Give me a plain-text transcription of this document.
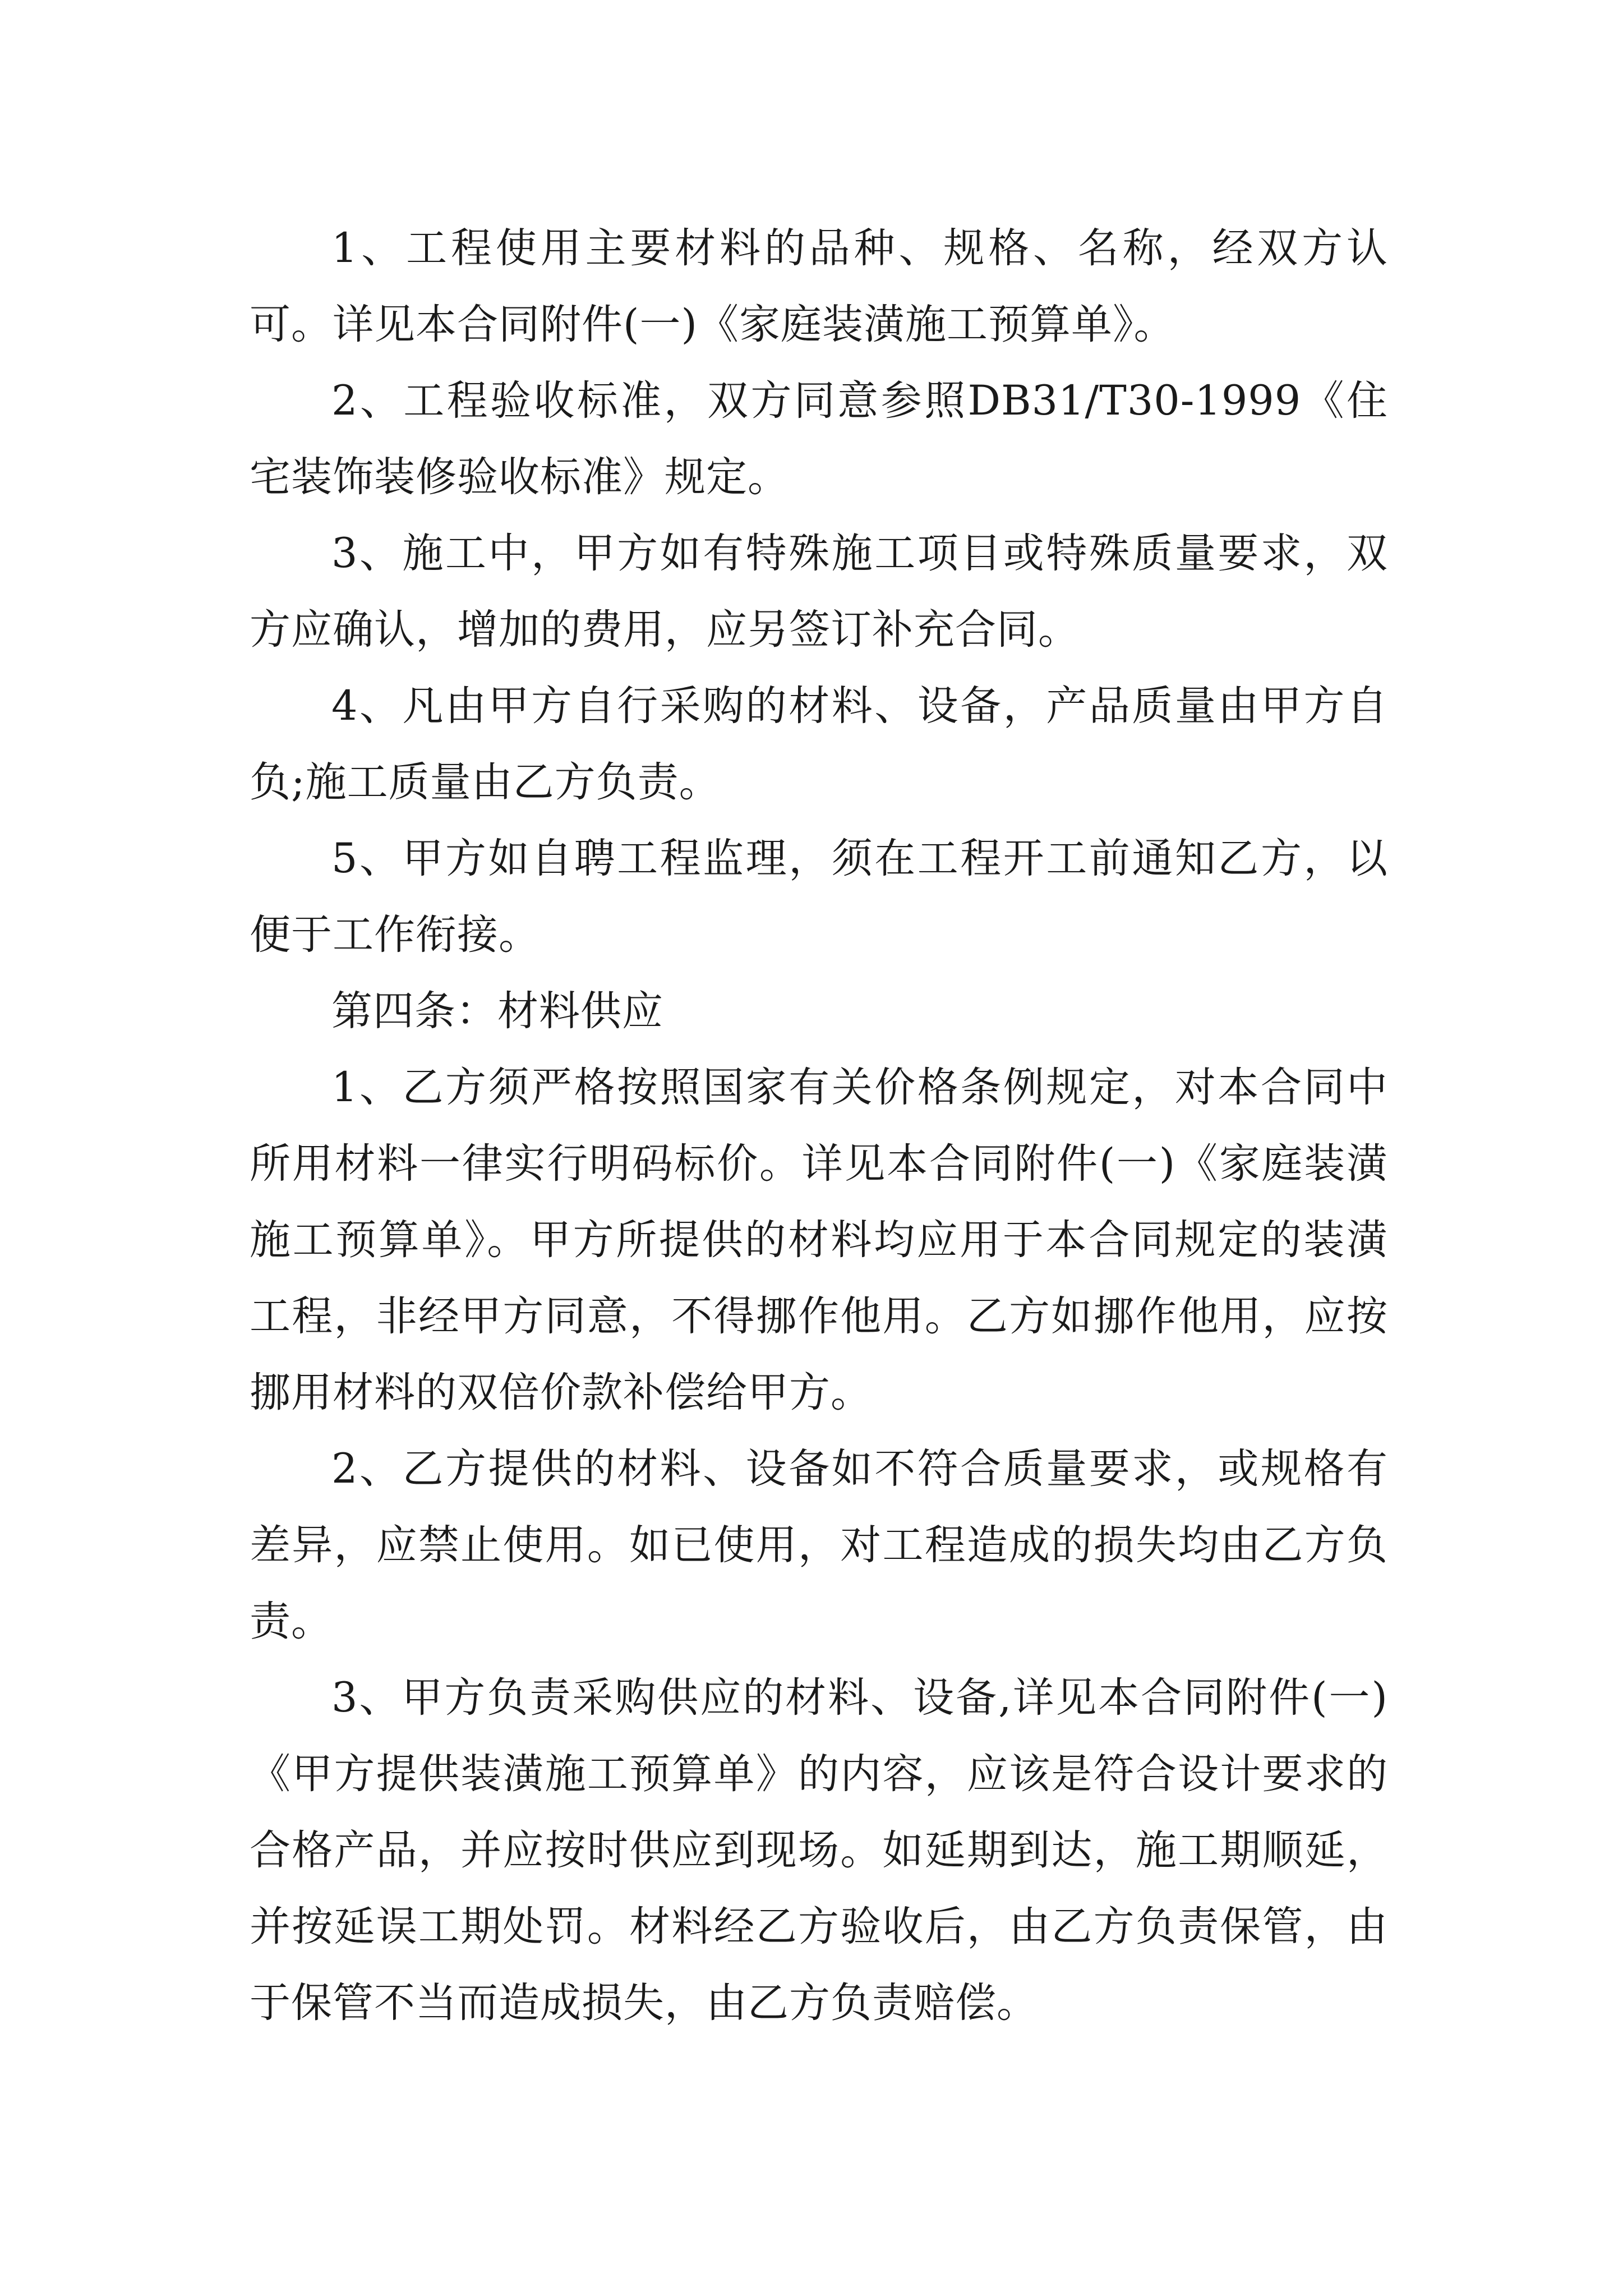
1、工程使用主要材料的品种、规格、名称，经双方认可。详见本合同附件(一)《家庭装潢施工预算单》。

2、工程验收标准，双方同意参照DB31/T30-1999《住宅装饰装修验收标准》规定。

3、施工中，甲方如有特殊施工项目或特殊质量要求，双方应确认，增加的费用，应另签订补充合同。

4、凡由甲方自行采购的材料、设备，产品质量由甲方自负;施工质量由乙方负责。

5、甲方如自聘工程监理，须在工程开工前通知乙方，以便于工作衔接。

第四条：材料供应

1、乙方须严格按照国家有关价格条例规定，对本合同中所用材料一律实行明码标价。详见本合同附件(一)《家庭装潢施工预算单》。甲方所提供的材料均应用于本合同规定的装潢工程，非经甲方同意，不得挪作他用。乙方如挪作他用，应按挪用材料的双倍价款补偿给甲方。

2、乙方提供的材料、设备如不符合质量要求，或规格有差异，应禁止使用。如已使用，对工程造成的损失均由乙方负责。

3、甲方负责采购供应的材料、设备,详见本合同附件(一)《甲方提供装潢施工预算单》的内容，应该是符合设计要求的合格产品，并应按时供应到现场。如延期到达，施工期顺延，并按延误工期处罚。材料经乙方验收后，由乙方负责保管，由于保管不当而造成损失，由乙方负责赔偿。
